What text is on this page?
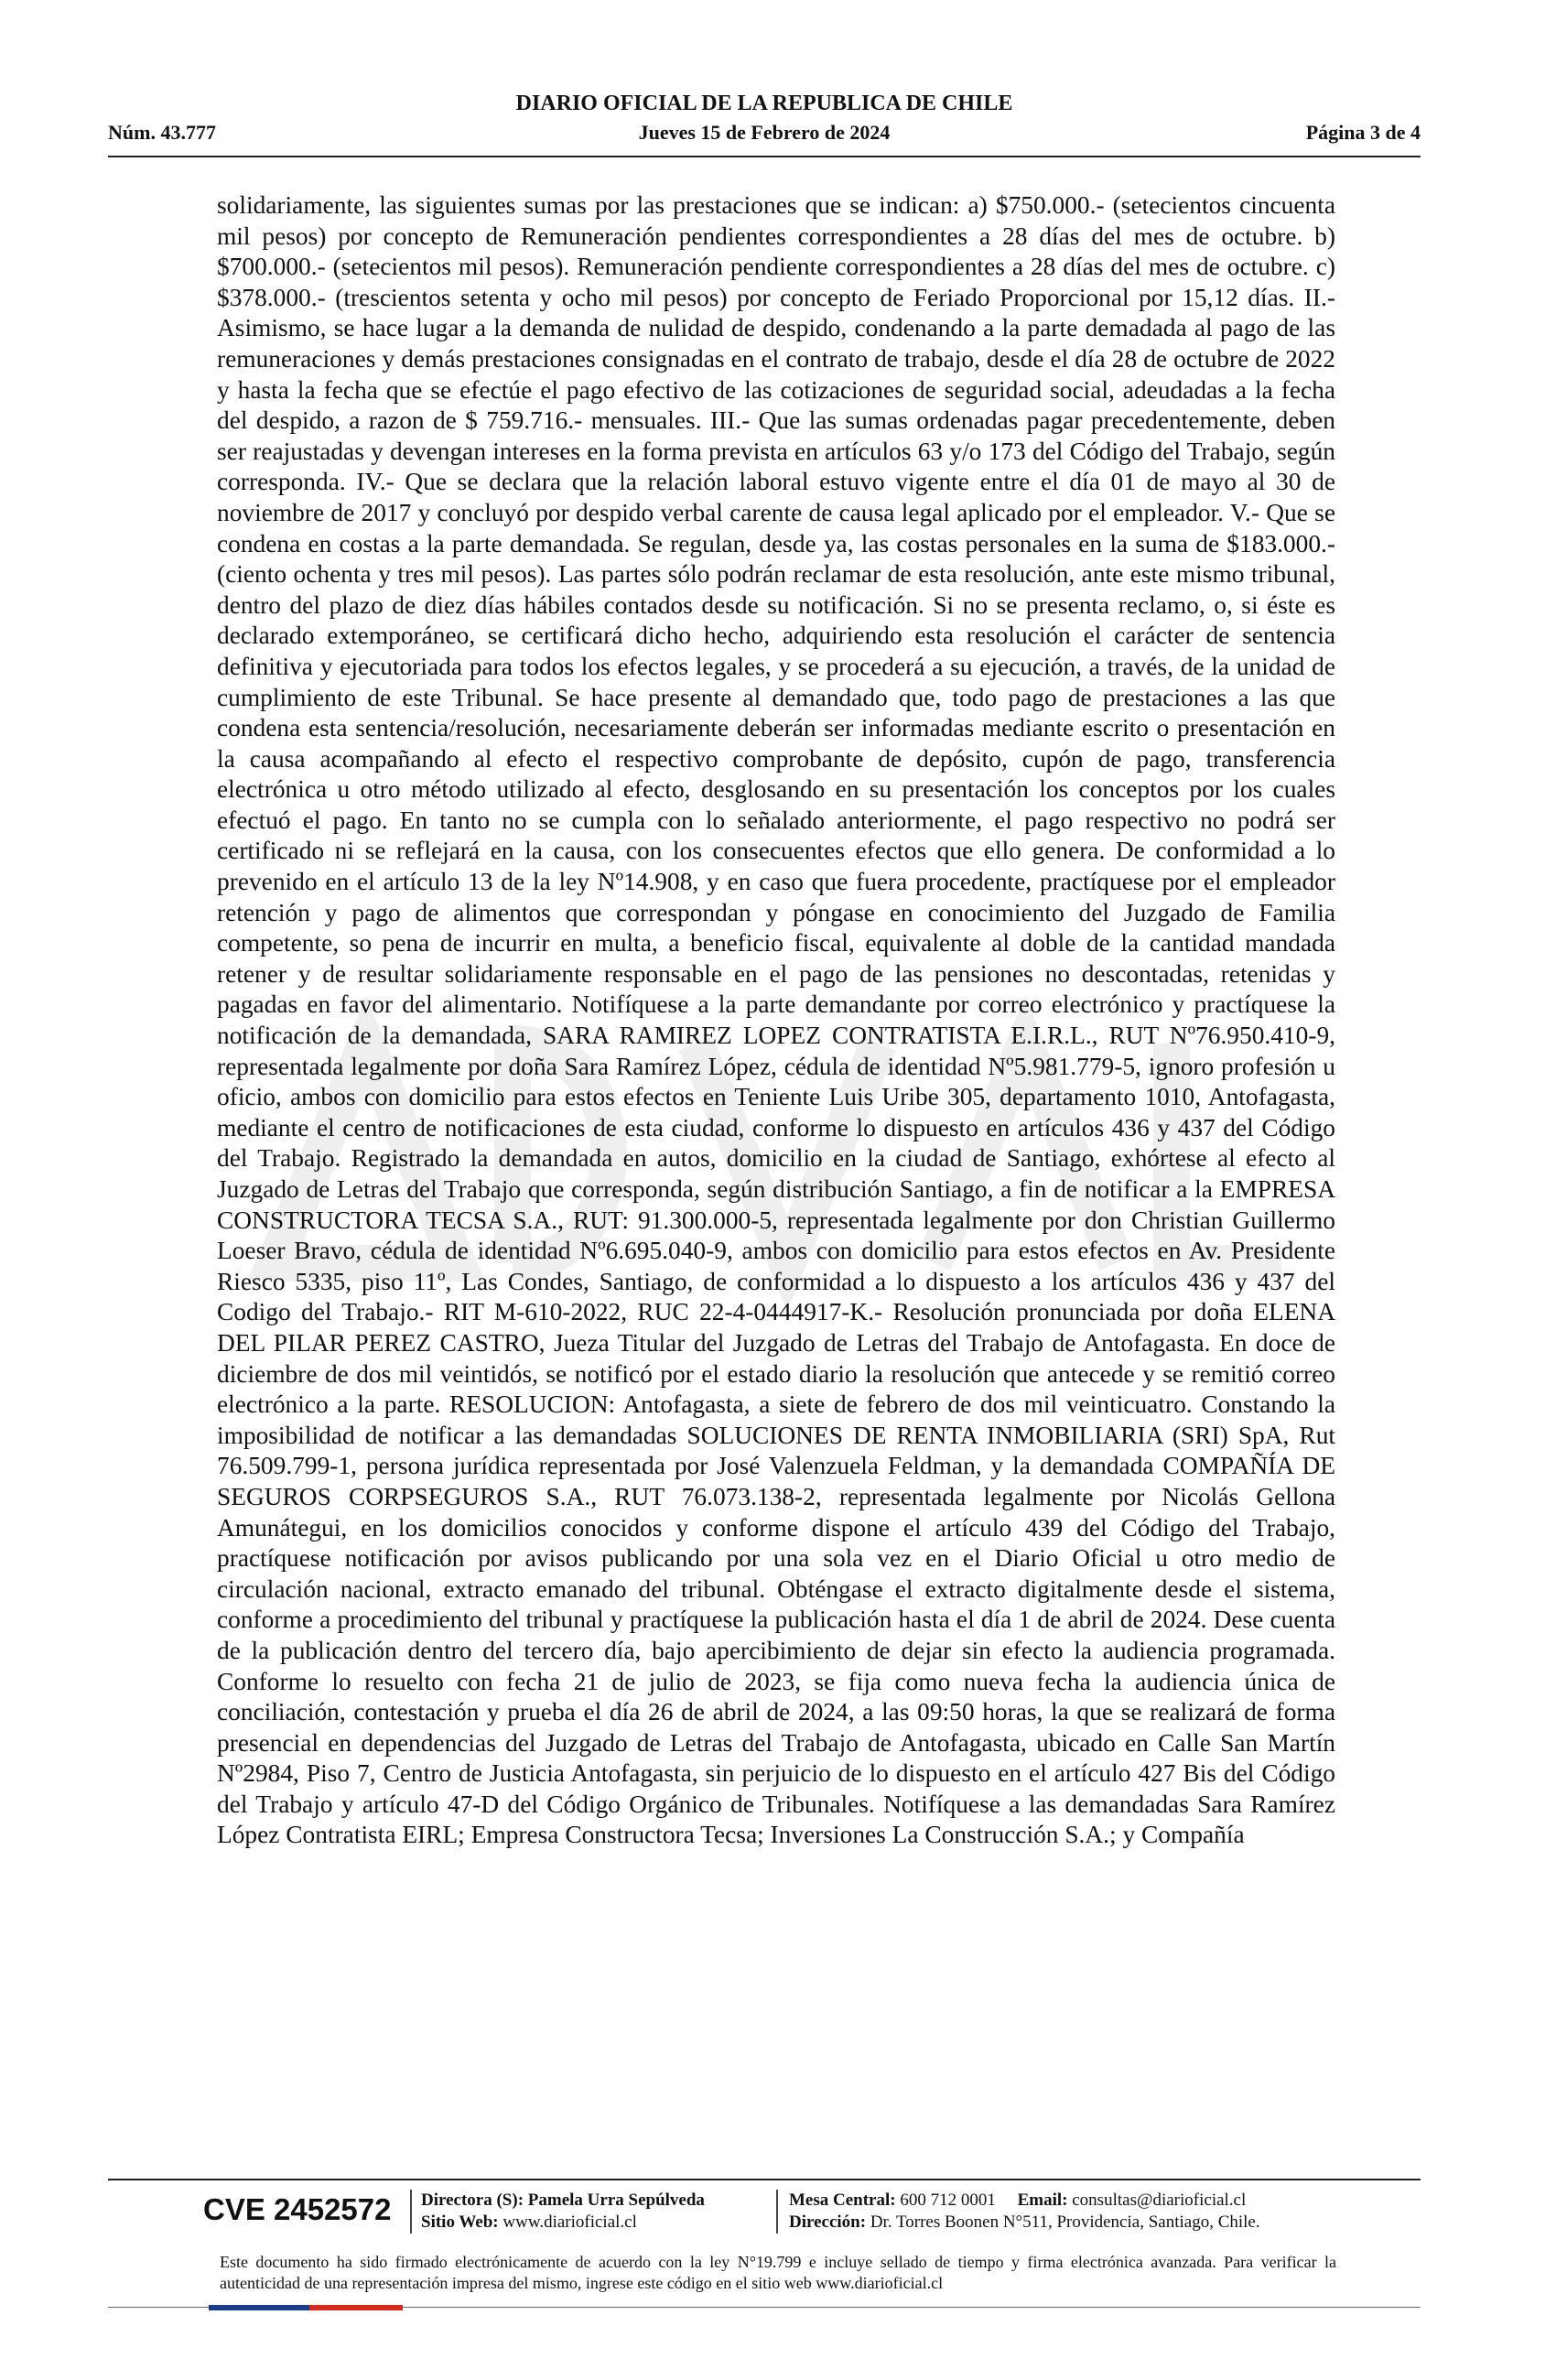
DIARIO OFICIAL DE LA REPUBLICA DE CHILE
Núm. 43.777	Jueves 15 de Febrero de 2024	Página 3 de 4

solidariamente, las siguientes sumas por las prestaciones que se indican: a) $750.000.- (setecientos cincuenta mil pesos) por concepto de Remuneración pendientes correspondientes a 28 días del mes de octubre. b) $700.000.- (setecientos mil pesos). Remuneración pendiente correspondientes a 28 días del mes de octubre. c) $378.000.- (trescientos setenta y ocho mil pesos) por concepto de Feriado Proporcional por 15,12 días. II.- Asimismo, se hace lugar a la demanda de nulidad de despido, condenando a la parte demadada al pago de las remuneraciones y demás prestaciones consignadas en el contrato de trabajo, desde el día 28 de octubre de 2022 y hasta la fecha que se efectúe el pago efectivo de las cotizaciones de seguridad social, adeudadas a la fecha del despido, a razon de $ 759.716.- mensuales. III.- Que las sumas ordenadas pagar precedentemente, deben ser reajustadas y devengan intereses en la forma prevista en artículos 63 y/o 173 del Código del Trabajo, según corresponda. IV.- Que se declara que la relación laboral estuvo vigente entre el día 01 de mayo al 30 de noviembre de 2017 y concluyó por despido verbal carente de causa legal aplicado por el empleador. V.- Que se condena en costas a la parte demandada. Se regulan, desde ya, las costas personales en la suma de $183.000.- (ciento ochenta y tres mil pesos). Las partes sólo podrán reclamar de esta resolución, ante este mismo tribunal, dentro del plazo de diez días hábiles contados desde su notificación. Si no se presenta reclamo, o, si éste es declarado extemporáneo, se certificará dicho hecho, adquiriendo esta resolución el carácter de sentencia definitiva y ejecutoriada para todos los efectos legales, y se procederá a su ejecución, a través, de la unidad de cumplimiento de este Tribunal. Se hace presente al demandado que, todo pago de prestaciones a las que condena esta sentencia/resolución, necesariamente deberán ser informadas mediante escrito o presentación en la causa acompañando al efecto el respectivo comprobante de depósito, cupón de pago, transferencia electrónica u otro método utilizado al efecto, desglosando en su presentación los conceptos por los cuales efectuó el pago. En tanto no se cumpla con lo señalado anteriormente, el pago respectivo no podrá ser certificado ni se reflejará en la causa, con los consecuentes efectos que ello genera. De conformidad a lo prevenido en el artículo 13 de la ley Nº14.908, y en caso que fuera procedente, practíquese por el empleador retención y pago de alimentos que correspondan y póngase en conocimiento del Juzgado de Familia competente, so pena de incurrir en multa, a beneficio fiscal, equivalente al doble de la cantidad mandada retener y de resultar solidariamente responsable en el pago de las pensiones no descontadas, retenidas y pagadas en favor del alimentario. Notifíquese a la parte demandante por correo electrónico y practíquese la notificación de la demandada, SARA RAMIREZ LOPEZ CONTRATISTA E.I.R.L., RUT Nº76.950.410-9, representada legalmente por doña Sara Ramírez López, cédula de identidad Nº5.981.779-5, ignoro profesión u oficio, ambos con domicilio para estos efectos en Teniente Luis Uribe 305, departamento 1010, Antofagasta, mediante el centro de notificaciones de esta ciudad, conforme lo dispuesto en artículos 436 y 437 del Código del Trabajo. Registrado la demandada en autos, domicilio en la ciudad de Santiago, exhórtese al efecto al Juzgado de Letras del Trabajo que corresponda, según distribución Santiago, a fin de notificar a la EMPRESA CONSTRUCTORA TECSA S.A., RUT: 91.300.000-5, representada legalmente por don Christian Guillermo Loeser Bravo, cédula de identidad Nº6.695.040-9, ambos con domicilio para estos efectos en Av. Presidente Riesco 5335, piso 11º, Las Condes, Santiago, de conformidad a lo dispuesto a los artículos 436 y 437 del Codigo del Trabajo.- RIT M-610-2022, RUC 22-4-0444917-K.- Resolución pronunciada por doña ELENA DEL PILAR PEREZ CASTRO, Jueza Titular del Juzgado de Letras del Trabajo de Antofagasta. En doce de diciembre de dos mil veintidós, se notificó por el estado diario la resolución que antecede y se remitió correo electrónico a la parte. RESOLUCION: Antofagasta, a siete de febrero de dos mil veinticuatro. Constando la imposibilidad de notificar a las demandadas SOLUCIONES DE RENTA INMOBILIARIA (SRI) SpA, Rut 76.509.799-1, persona jurídica representada por José Valenzuela Feldman, y la demandada COMPAÑÍA DE SEGUROS CORPSEGUROS S.A., RUT 76.073.138-2, representada legalmente por Nicolás Gellona Amunátegui, en los domicilios conocidos y conforme dispone el artículo 439 del Código del Trabajo, practíquese notificación por avisos publicando por una sola vez en el Diario Oficial u otro medio de circulación nacional, extracto emanado del tribunal. Obténgase el extracto digitalmente desde el sistema, conforme a procedimiento del tribunal y practíquese la publicación hasta el día 1 de abril de 2024. Dese cuenta de la publicación dentro del tercero día, bajo apercibimiento de dejar sin efecto la audiencia programada. Conforme lo resuelto con fecha 21 de julio de 2023, se fija como nueva fecha la audiencia única de conciliación, contestación y prueba el día 26 de abril de 2024, a las 09:50 horas, la que se realizará de forma presencial en dependencias del Juzgado de Letras del Trabajo de Antofagasta, ubicado en Calle San Martín Nº2984, Piso 7, Centro de Justicia Antofagasta, sin perjuicio de lo dispuesto en el artículo 427 Bis del Código del Trabajo y artículo 47-D del Código Orgánico de Tribunales. Notifíquese a las demandadas Sara Ramírez López Contratista EIRL; Empresa Constructora Tecsa; Inversiones La Construcción S.A.; y Compañía

CVE 2452572	Directora (S): Pamela Urra Sepúlveda
Sitio Web: www.diarioficial.cl
Mesa Central: 600 712 0001 Email: consultas@diarioficial.cl
Dirección: Dr. Torres Boonen N°511, Providencia, Santiago, Chile.

Este documento ha sido firmado electrónicamente de acuerdo con la ley N°19.799 e incluye sellado de tiempo y firma electrónica avanzada. Para verificar la autenticidad de una representación impresa del mismo, ingrese este código en el sitio web www.diarioficial.cl
